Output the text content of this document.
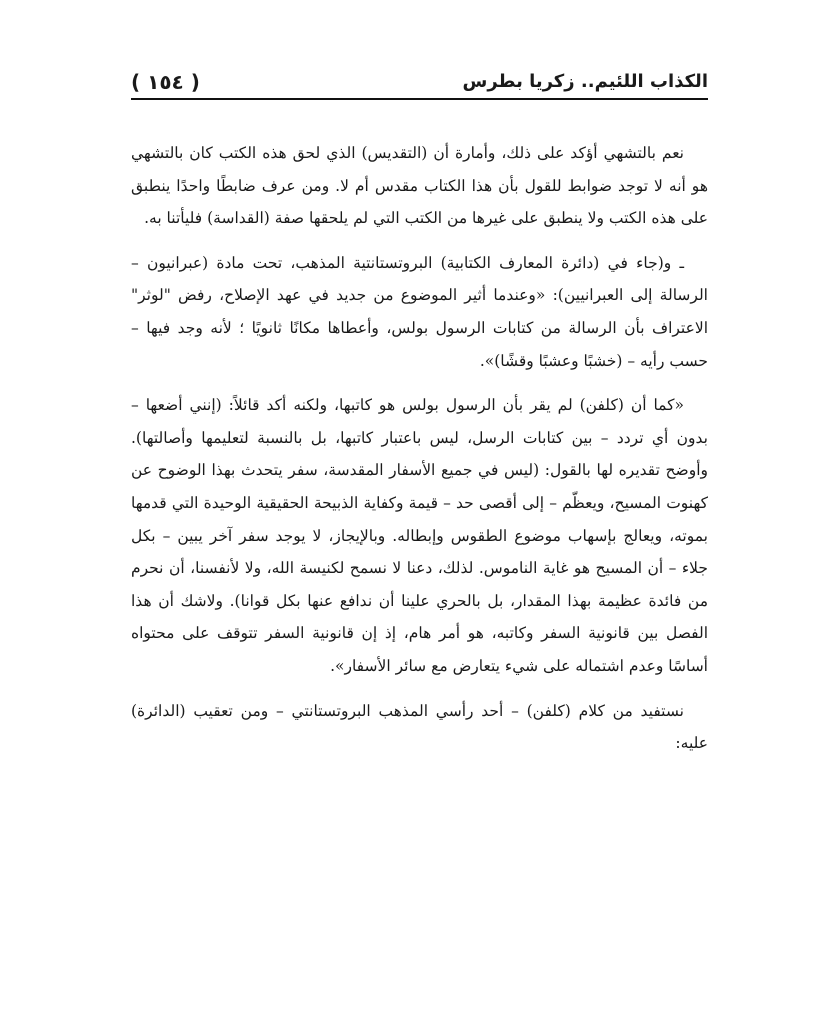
الكذاب اللئيم.. زكريا بطرس
( ١٥٤ )

نعم بالتشهي أؤكد على ذلك، وأمارة أن (التقديس) الذي لحق هذه الكتب كان بالتشهي هو أنه لا توجد ضوابط للقول بأن هذا الكتاب مقدس أم لا. ومن عرف ضابطًا واحدًا ينطبق على هذه الكتب ولا ينطبق على غيرها من الكتب التي لم يلحقها صفة (القداسة) فليأتنا به.

ـ و(جاء في (دائرة المعارف الكتابية) البروتستانتية المذهب، تحت مادة (عبرانيون – الرسالة إلى العبرانيين): «وعندما أثير الموضوع من جديد في عهد الإصلاح، رفض "لوثر" الاعتراف بأن الرسالة من كتابات الرسول بولس، وأعطاها مكانًا ثانويًا ؛ لأنه وجد فيها – حسب رأيه – (خشبًا وعشبًا وقشًا)».

«كما أن (كلفن) لم يقر بأن الرسول بولس هو كاتبها، ولكنه أكد قائلاً: (إنني أضعها – بدون أي تردد – بين كتابات الرسل، ليس باعتبار كاتبها، بل بالنسبة لتعليمها وأصالتها). وأوضح تقديره لها بالقول: (ليس في جميع الأسفار المقدسة، سفر يتحدث بهذا الوضوح عن كهنوت المسيح، ويعظّم – إلى أقصى حد – قيمة وكفاية الذبيحة الحقيقية الوحيدة التي قدمها بموته، ويعالج بإسهاب موضوع الطقوس وإبطاله. وبالإيجاز، لا يوجد سفر آخر يبين – بكل جلاء – أن المسيح هو غاية الناموس. لذلك، دعنا لا نسمح لكنيسة الله، ولا لأنفسنا، أن نحرم من فائدة عظيمة بهذا المقدار، بل بالحري علينا أن ندافع عنها بكل قوانا). ولاشك أن هذا الفصل بين قانونية السفر وكاتبه، هو أمر هام، إذ إن قانونية السفر تتوقف على محتواه أساسًا وعدم اشتماله على شيء يتعارض مع سائر الأسفار».

نستفيد من كلام (كلفن) – أحد رأسي المذهب البروتستانتي – ومن تعقيب (الدائرة) عليه:
